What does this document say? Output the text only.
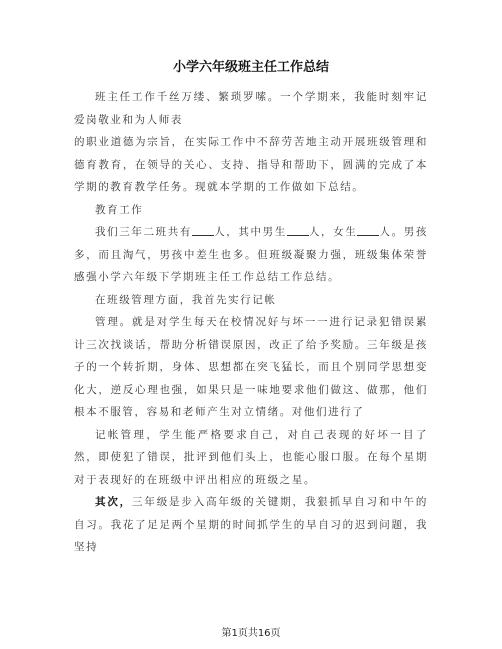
小学六年级班主任工作总结

班主任工作千丝万缕、繁琐罗嗦。一个学期来，我能时刻牢记爱岗敬业和为人师表

的职业道德为宗旨，在实际工作中不辞劳苦地主动开展班级管理和德育教育，在领导的关心、支持、指导和帮助下，圆满的完成了本学期的教育教学任务。现就本学期的工作做如下总结。

教育工作

我们三年二班共有 人，其中男生 人，女生 人。男孩多，而且淘气，男孩中差生也多。但班级凝聚力强，班级集体荣誉感强小学六年级下学期班主任工作总结工作总结。

在班级管理方面，我首先实行记帐

管理。就是对学生每天在校情况好与坏一一进行记录犯错误累计三次找谈话，帮助分析错误原因，改正了给予奖励。三年级是孩子的一个转折期，身体、思想都在突飞猛长，而且个别同学思想变化大，逆反心理也强，如果只是一味地要求他们做这、做那，他们根本不服管，容易和老师产生对立情绪。对他们进行了

记帐管理，学生能严格要求自己，对自己表现的好坏一目了然，即使犯了错误，批评到他们头上，也能心服口服。在每个星期对于表现好的在班级中评出相应的班级之星。

其次，三年级是步入高年级的关键期，我狠抓早自习和中午的自习。我花了足足两个星期的时间抓学生的早自习的迟到问题，我坚持

第1页共16页
